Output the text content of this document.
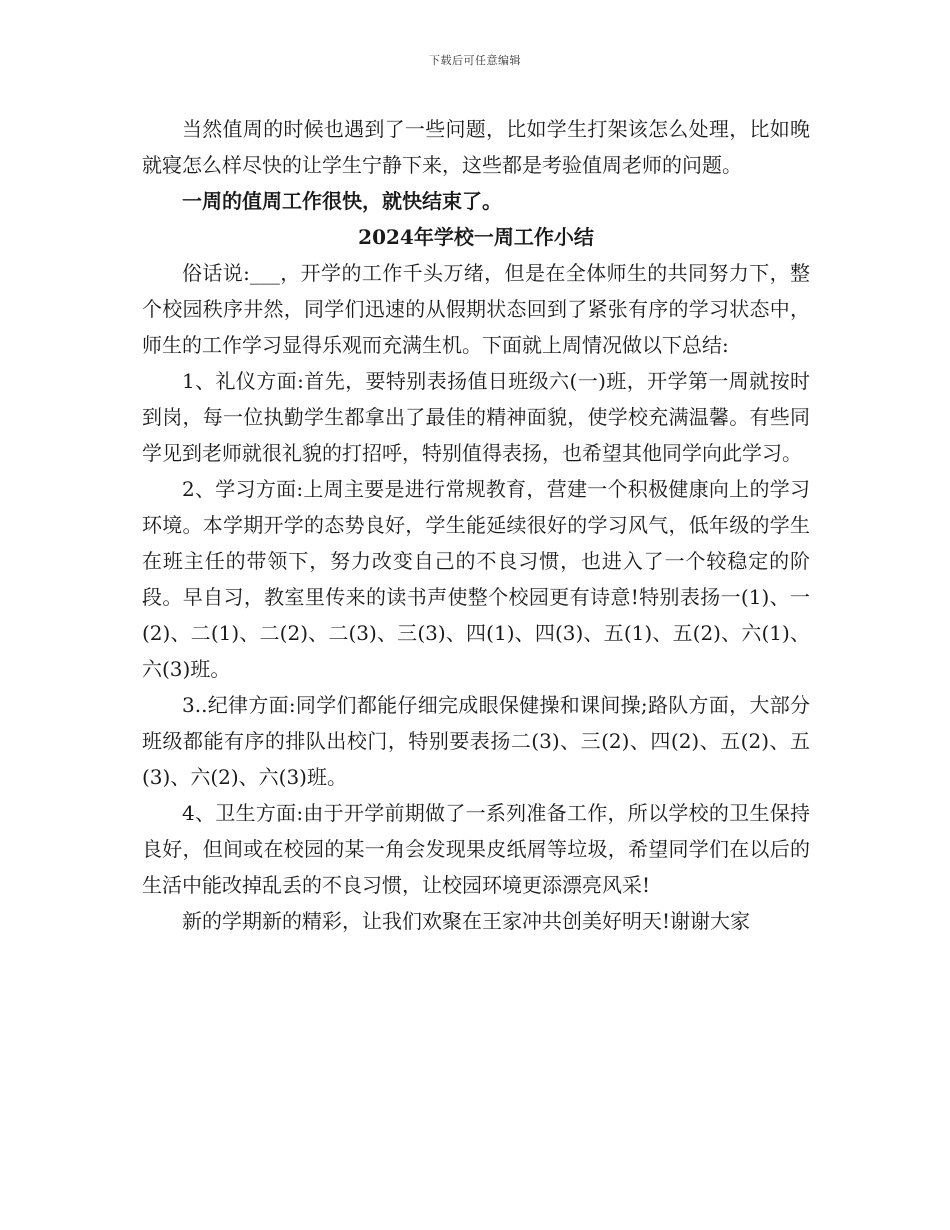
下载后可任意编辑

当然值周的时候也遇到了一些问题，比如学生打架该怎么处理，比如晚就寝怎么样尽快的让学生宁静下来，这些都是考验值周老师的问题。

一周的值周工作很快，就快结束了。

2024年学校一周工作小结

俗话说:___，开学的工作千头万绪，但是在全体师生的共同努力下，整个校园秩序井然，同学们迅速的从假期状态回到了紧张有序的学习状态中，师生的工作学习显得乐观而充满生机。下面就上周情况做以下总结:

1、礼仪方面:首先，要特别表扬值日班级六(一)班，开学第一周就按时到岗，每一位执勤学生都拿出了最佳的精神面貌，使学校充满温馨。有些同学见到老师就很礼貌的打招呼，特别值得表扬，也希望其他同学向此学习。

2、学习方面:上周主要是进行常规教育，营建一个积极健康向上的学习环境。本学期开学的态势良好，学生能延续很好的学习风气，低年级的学生在班主任的带领下，努力改变自己的不良习惯，也进入了一个较稳定的阶段。早自习，教室里传来的读书声使整个校园更有诗意!特别表扬一(1)、一(2)、二(1)、二(2)、二(3)、三(3)、四(1)、四(3)、五(1)、五(2)、六(1)、六(3)班。

3..纪律方面:同学们都能仔细完成眼保健操和课间操;路队方面，大部分班级都能有序的排队出校门，特别要表扬二(3)、三(2)、四(2)、五(2)、五(3)、六(2)、六(3)班。

4、卫生方面:由于开学前期做了一系列准备工作，所以学校的卫生保持良好，但间或在校园的某一角会发现果皮纸屑等垃圾，希望同学们在以后的生活中能改掉乱丢的不良习惯，让校园环境更添漂亮风采!

新的学期新的精彩，让我们欢聚在王家冲共创美好明天!谢谢大家
